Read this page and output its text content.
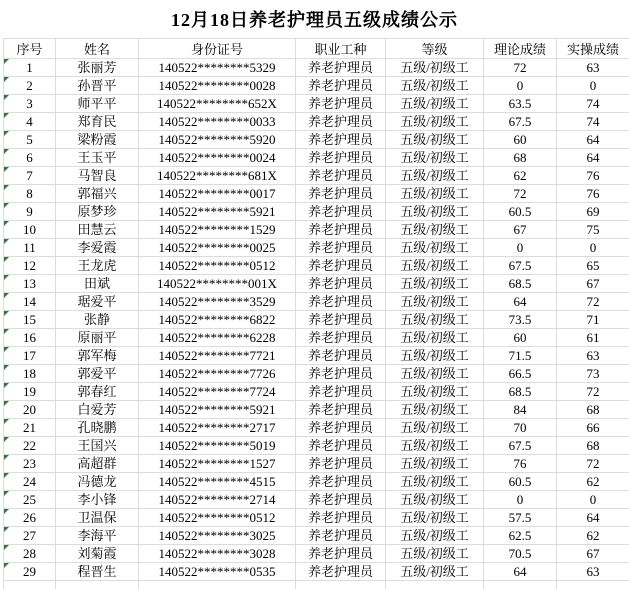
12月18日养老护理员五级成绩公示
序号	姓名	身份证号	职业工种	等级	理论成绩	实操成绩

1	张丽芳	140522********5329	养老护理员	五级/初级工	72	63

2	孙晋平	140522********0028	养老护理员	五级/初级工	0	0

3	师平平	140522********652X	养老护理员	五级/初级工	63.5	74

4	郑育民	140522********0033	养老护理员	五级/初级工	67.5	74

5	梁粉霞	140522********5920	养老护理员	五级/初级工	60	64

6	王玉平	140522********0024	养老护理员	五级/初级工	68	64

7	马智良	140522********681X	养老护理员	五级/初级工	62	76

8	郭福兴	140522********0017	养老护理员	五级/初级工	72	76

9	原梦珍	140522********5921	养老护理员	五级/初级工	60.5	69

10	田慧云	140522********1529	养老护理员	五级/初级工	67	75

11	李爱霞	140522********0025	养老护理员	五级/初级工	0	0

12	王龙虎	140522********0512	养老护理员	五级/初级工	67.5	65

13	田斌	140522********001X	养老护理员	五级/初级工	68.5	67

14	琚爱平	140522********3529	养老护理员	五级/初级工	64	72

15	张静	140522********6822	养老护理员	五级/初级工	73.5	71

16	原丽平	140522********6228	养老护理员	五级/初级工	60	61

17	郭军梅	140522********7721	养老护理员	五级/初级工	71.5	63

18	郭爱平	140522********7726	养老护理员	五级/初级工	66.5	73

19	郭春红	140522********7724	养老护理员	五级/初级工	68.5	72

20	白爱芳	140522********5921	养老护理员	五级/初级工	84	68

21	孔晓鹏	140522********2717	养老护理员	五级/初级工	70	66

22	王国兴	140522********5019	养老护理员	五级/初级工	67.5	68

23	高超群	140522********1527	养老护理员	五级/初级工	76	72

24	冯德龙	140522********4515	养老护理员	五级/初级工	60.5	62

25	李小锋	140522********2714	养老护理员	五级/初级工	0	0

26	卫温保	140522********0512	养老护理员	五级/初级工	57.5	64

27	李海平	140522********3025	养老护理员	五级/初级工	62.5	62

28	刘菊霞	140522********3028	养老护理员	五级/初级工	70.5	67

29	程晋生	140522********0535	养老护理员	五级/初级工	64	63
